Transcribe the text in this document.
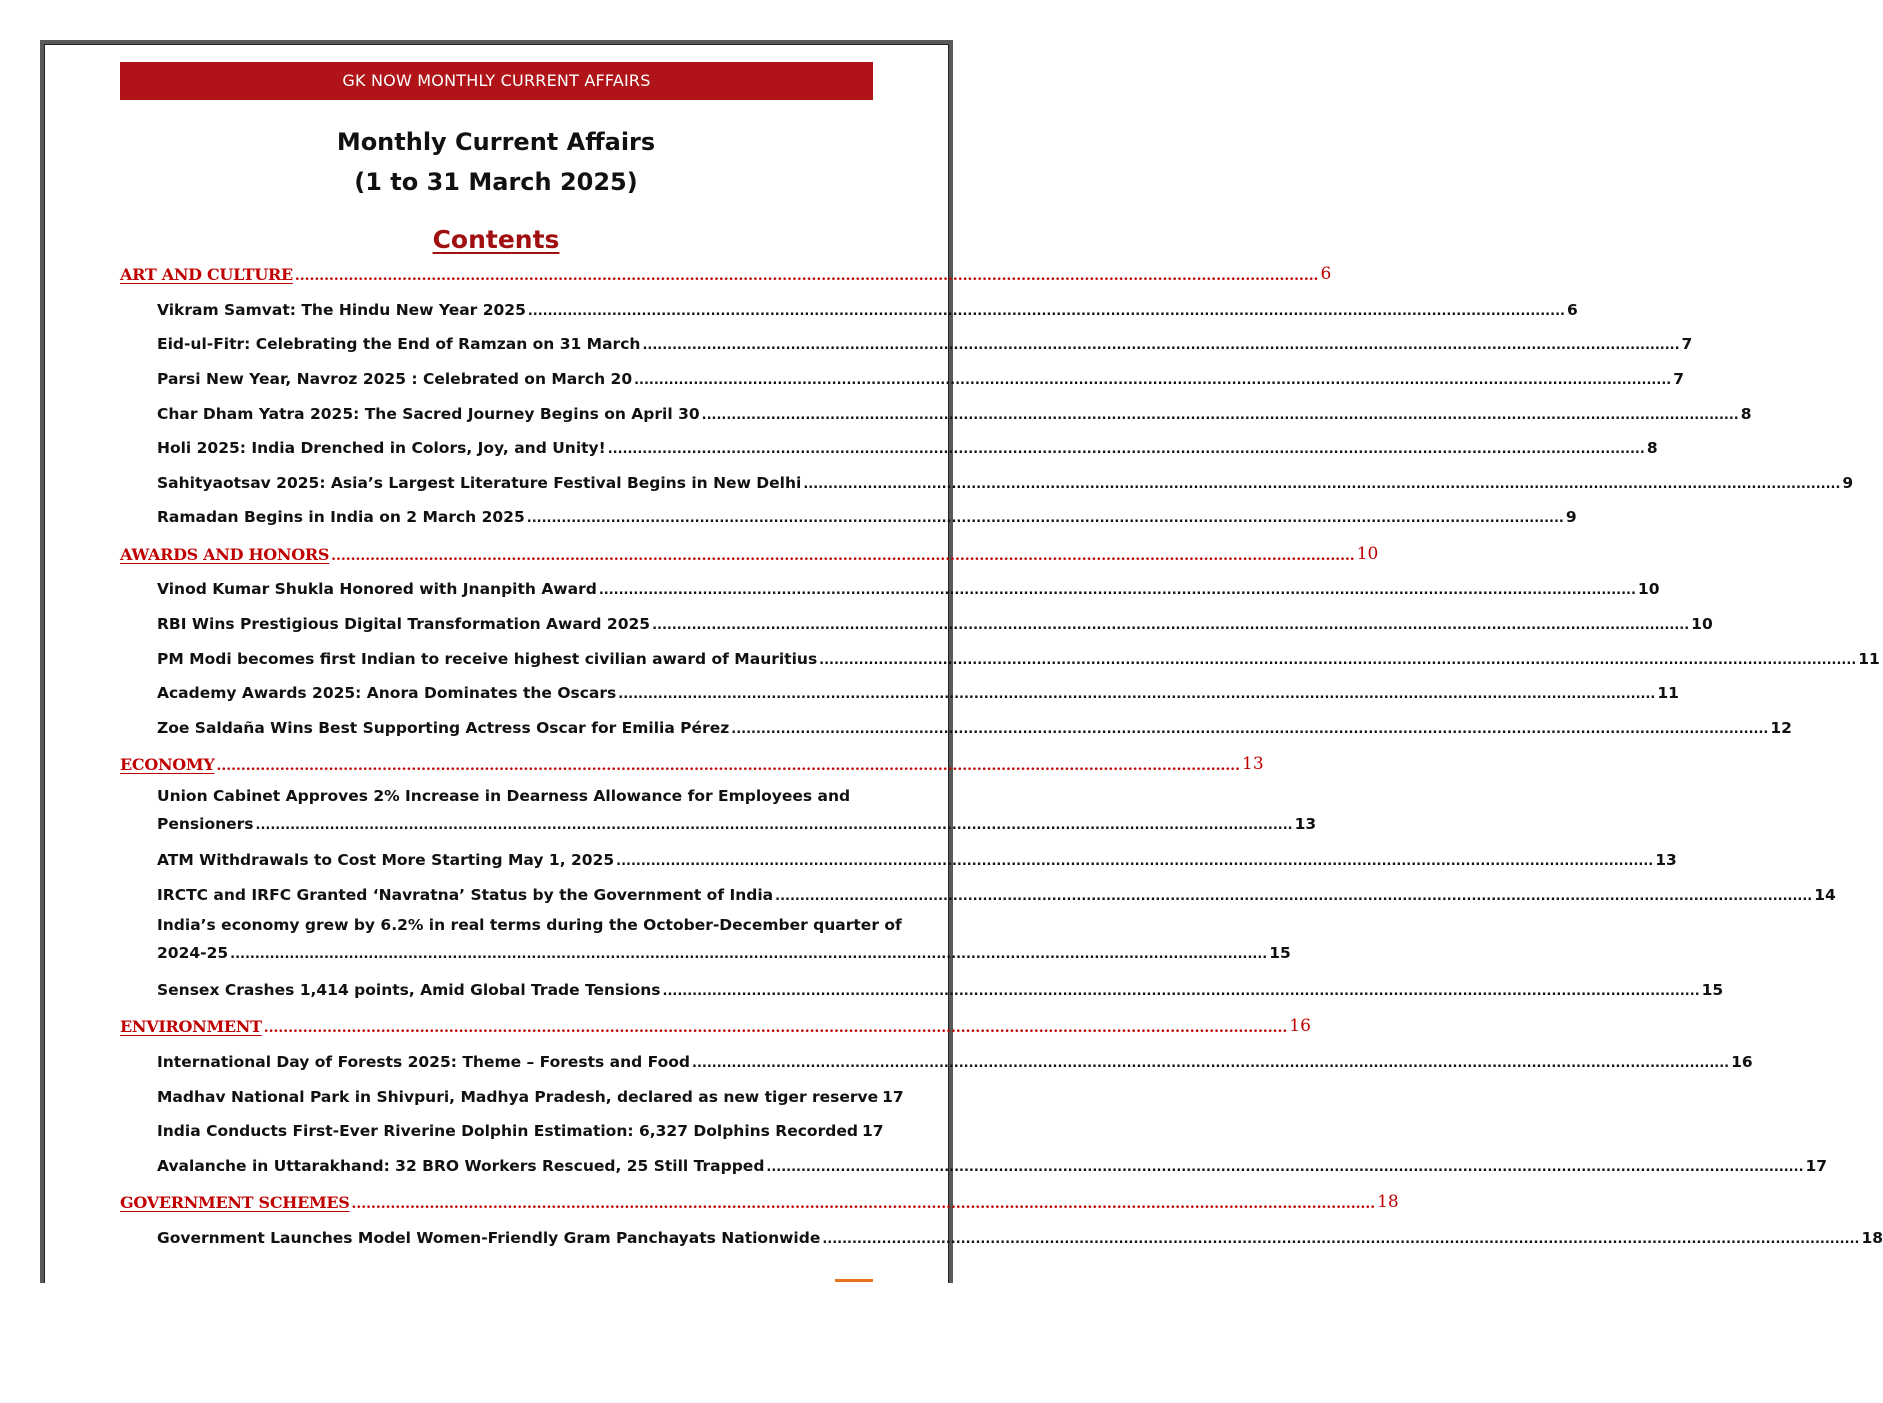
GK NOW MONTHLY CURRENT AFFAIRS
Monthly Current Affairs
(1 to 31 March 2025)
Contents
ART AND CULTURE .................................................................................................................................................................................................................. 6
Vikram Samvat: The Hindu New Year 2025 .................................................................................................................................................................................................................. 6
Eid-ul-Fitr: Celebrating the End of Ramzan on 31 March .................................................................................................................................................................................................................. 7
Parsi New Year, Navroz 2025 : Celebrated on March 20 .................................................................................................................................................................................................................. 7
Char Dham Yatra 2025: The Sacred Journey Begins on April 30 .................................................................................................................................................................................................................. 8
Holi 2025: India Drenched in Colors, Joy, and Unity! .................................................................................................................................................................................................................. 8
Sahityaotsav 2025: Asia’s Largest Literature Festival Begins in New Delhi .................................................................................................................................................................................................................. 9
Ramadan Begins in India on 2 March 2025 .................................................................................................................................................................................................................. 9
AWARDS AND HONORS .................................................................................................................................................................................................................. 10
Vinod Kumar Shukla Honored with Jnanpith Award .................................................................................................................................................................................................................. 10
RBI Wins Prestigious Digital Transformation Award 2025 .................................................................................................................................................................................................................. 10
PM Modi becomes first Indian to receive highest civilian award of Mauritius .................................................................................................................................................................................................................. 11
Academy Awards 2025: Anora Dominates the Oscars .................................................................................................................................................................................................................. 11
Zoe Saldaña Wins Best Supporting Actress Oscar for Emilia Pérez .................................................................................................................................................................................................................. 12
ECONOMY .................................................................................................................................................................................................................. 13
Union Cabinet Approves 2% Increase in Dearness Allowance for Employees and
Pensioners .................................................................................................................................................................................................................. 13
ATM Withdrawals to Cost More Starting May 1, 2025 .................................................................................................................................................................................................................. 13
IRCTC and IRFC Granted ‘Navratna’ Status by the Government of India .................................................................................................................................................................................................................. 14
India’s economy grew by 6.2% in real terms during the October-December quarter of
2024-25 .................................................................................................................................................................................................................. 15
Sensex Crashes 1,414 points, Amid Global Trade Tensions .................................................................................................................................................................................................................. 15
ENVIRONMENT .................................................................................................................................................................................................................. 16
International Day of Forests 2025: Theme – Forests and Food .................................................................................................................................................................................................................. 16
Madhav National Park in Shivpuri, Madhya Pradesh, declared as new tiger reserve 17
India Conducts First-Ever Riverine Dolphin Estimation: 6,327 Dolphins Recorded 17
Avalanche in Uttarakhand: 32 BRO Workers Rescued, 25 Still Trapped .................................................................................................................................................................................................................. 17
GOVERNMENT SCHEMES .................................................................................................................................................................................................................. 18
Government Launches Model Women-Friendly Gram Panchayats Nationwide .................................................................................................................................................................................................................. 18
